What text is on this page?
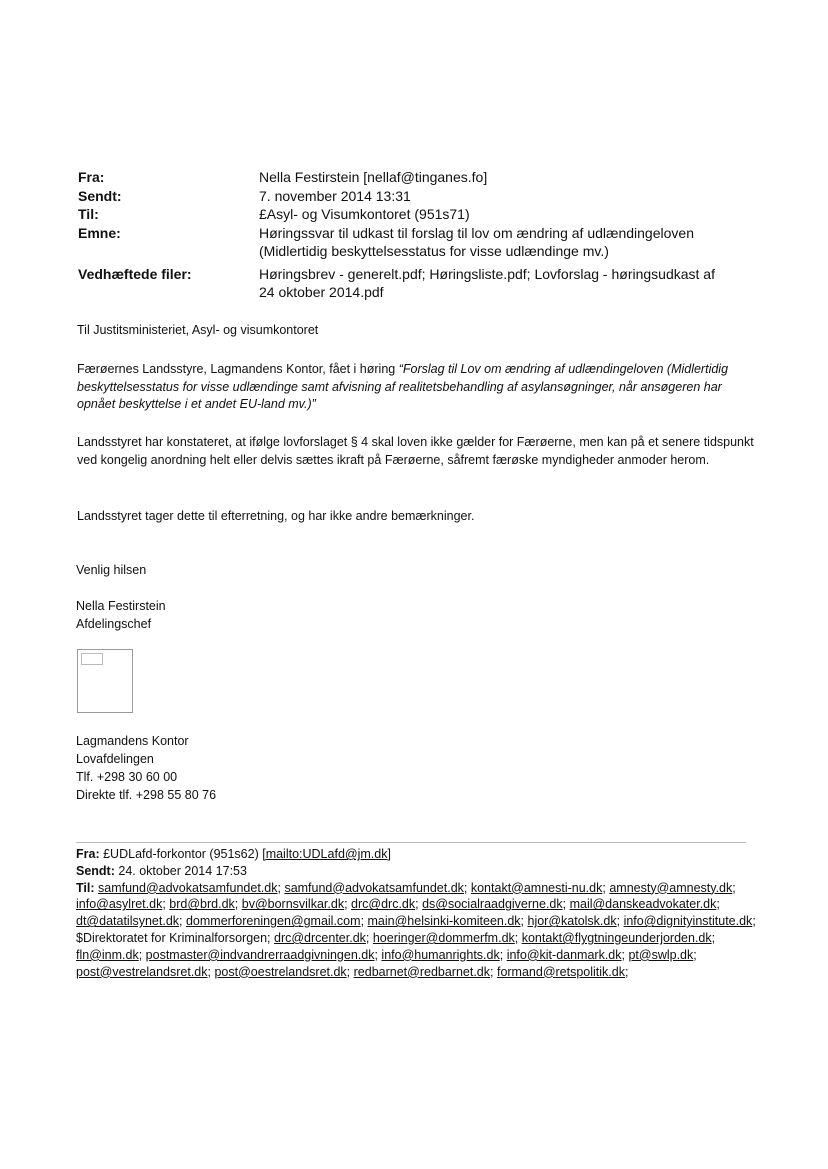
Fra:	Nella Festirstein [nellaf@tinganes.fo]
Sendt:	7. november 2014 13:31
Til:	£Asyl- og Visumkontoret (951s71)
Emne:	Høringssvar til udkast til forslag til lov om ændring af udlændingeloven
(Midlertidig beskyttelsesstatus for visse udlændinge mv.)
Vedhæftede filer:	Høringsbrev - generelt.pdf; Høringsliste.pdf; Lovforslag - høringsudkast af
24 oktober 2014.pdf
Til Justitsministeriet, Asyl- og visumkontoret
Færøernes Landsstyre, Lagmandens Kontor, fået i høring “Forslag til Lov om ændring af udlændingeloven (Midlertidig beskyttelsesstatus for visse udlændinge samt afvisning af realitetsbehandling af asylansøgninger, når ansøgeren har opnået beskyttelse i et andet EU-land mv.)”
Landsstyret har konstateret, at ifølge lovforslaget § 4 skal loven ikke gælder for Færøerne, men kan på et senere tidspunkt ved kongelig anordning helt eller delvis sættes ikraft på Færøerne, såfremt færøske myndigheder anmoder herom.
Landsstyret tager dette til efterretning, og har ikke andre bemærkninger.
Venlig hilsen
Nella Festirstein
Afdelingschef
Lagmandens Kontor
Lovafdelingen
Tlf. +298 30 60 00
Direkte tlf. +298 55 80 76
Fra: £UDLafd-forkontor (951s62) [mailto:UDLafd@jm.dk]
Sendt: 24. oktober 2014 17:53
Til: samfund@advokatsamfundet.dk; samfund@advokatsamfundet.dk; kontakt@amnesti-nu.dk; amnesty@amnesty.dk; info@asylret.dk; brd@brd.dk; bv@bornsvilkar.dk; drc@drc.dk; ds@socialraadgiverne.dk; mail@danskeadvokater.dk; dt@datatilsynet.dk; dommerforeningen@gmail.com; main@helsinki-komiteen.dk; hjor@katolsk.dk; info@dignityinstitute.dk; $Direktoratet for Kriminalforsorgen; drc@drcenter.dk; hoeringer@dommerfm.dk; kontakt@flygtningeunderjorden.dk; fln@inm.dk; postmaster@indvandrerraadgivningen.dk; info@humanrights.dk; info@kit-danmark.dk; pt@swlp.dk; post@vestrelandsret.dk; post@oestrelandsret.dk; redbarnet@redbarnet.dk; formand@retspolitik.dk;
